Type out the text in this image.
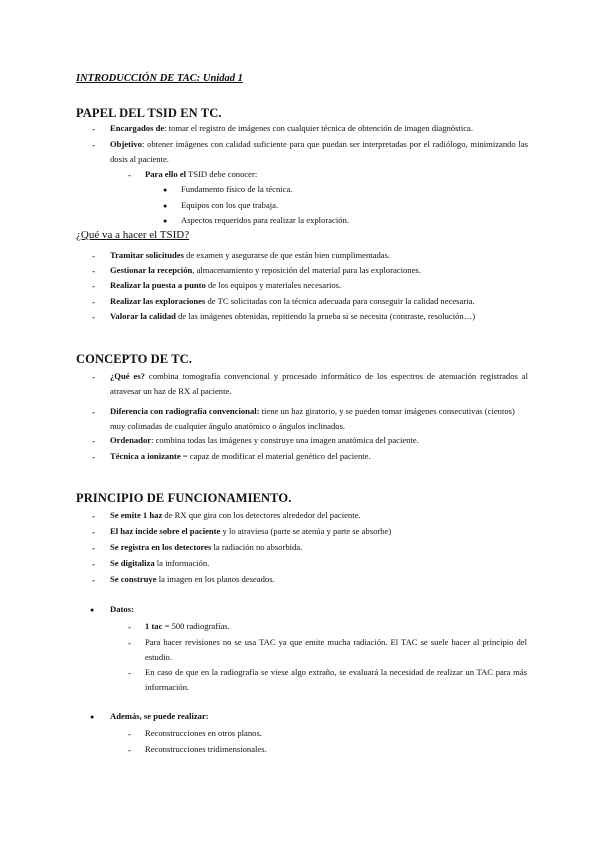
INTRODUCCIÓN DE TAC: Unidad 1
PAPEL DEL TSID EN TC.
- Encargados de: tomar el registro de imágenes con cualquier técnica de obtención de imagen diagnóstica.
- Objetivo: obtener imágenes con calidad suficiente para que puedan ser interpretadas por el radiólogo, minimizando las dosis al paciente.
- Para ello el TSID debe conocer:
● Fundamento físico de la técnica.
● Equipos con los que trabaja.
● Aspectos requeridos para realizar la exploración.
¿Qué va a hacer el TSID?
- Tramitar solicitudes de examen y asegurarse de que están bien cumplimentadas.
- Gestionar la recepción, almacenamiento y reposición del material para las exploraciones.
- Realizar la puesta a punto de los equipos y materiales necesarios.
- Realizar las exploraciones de TC solicitadas con la técnica adecuada para conseguir la calidad necesaria.
- Valorar la calidad de las imágenes obtenidas, repitiendo la prueba si se necesita (contraste, resolución…)
CONCEPTO DE TC.
- ¿Qué es? combina tomografía convencional y procesado informático de los espectros de atenuación registrados al atravesar un haz de RX al paciente.
- Diferencia con radiografía convencional: tiene un haz giratorio, y se pueden tomar imágenes consecutivas (cientos) muy colimadas de cualquier ángulo anatómico o ángulos inclinados.
- Ordenador: combina todas las imágenes y construye una imagen anatómica del paciente.
- Técnica a ionizante = capaz de modificar el material genético del paciente.
PRINCIPIO DE FUNCIONAMIENTO.
- Se emite 1 haz de RX que gira con los detectores alrededor del paciente.
- El haz incide sobre el paciente y lo atraviesa (parte se atenúa y parte se absorbe)
- Se registra en los detectores la radiación no absorbida.
- Se digitaliza la información.
- Se construye la imagen en los planos deseados.
● Datos:
- 1 tac = 500 radiografías.
- Para hacer revisiones no se usa TAC ya que emite mucha radiación. El TAC se suele hacer al principio del estudio.
- En caso de que en la radiografía se viese algo extraño, se evaluará la necesidad de realizar un TAC para más información.
● Además, se puede realizar:
- Reconstrucciones en otros planos.
- Reconstrucciones tridimensionales.
